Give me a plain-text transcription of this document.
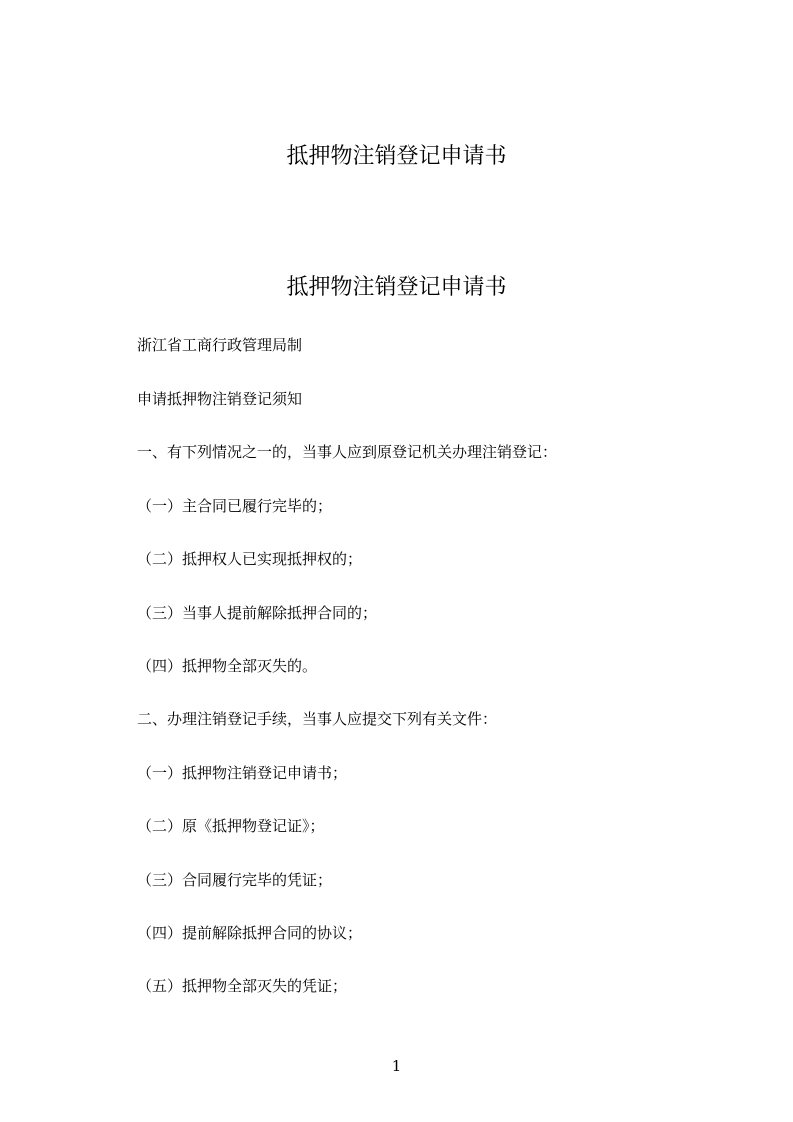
抵押物注销登记申请书
抵押物注销登记申请书
浙江省工商行政管理局制
申请抵押物注销登记须知
一、有下列情况之一的，当事人应到原登记机关办理注销登记：
（一）主合同已履行完毕的；
（二）抵押权人已实现抵押权的；
（三）当事人提前解除抵押合同的；
（四）抵押物全部灭失的。
二、办理注销登记手续，当事人应提交下列有关文件：
（一）抵押物注销登记申请书；
（二）原《抵押物登记证》；
（三）合同履行完毕的凭证；
（四）提前解除抵押合同的协议；
（五）抵押物全部灭失的凭证；
1
